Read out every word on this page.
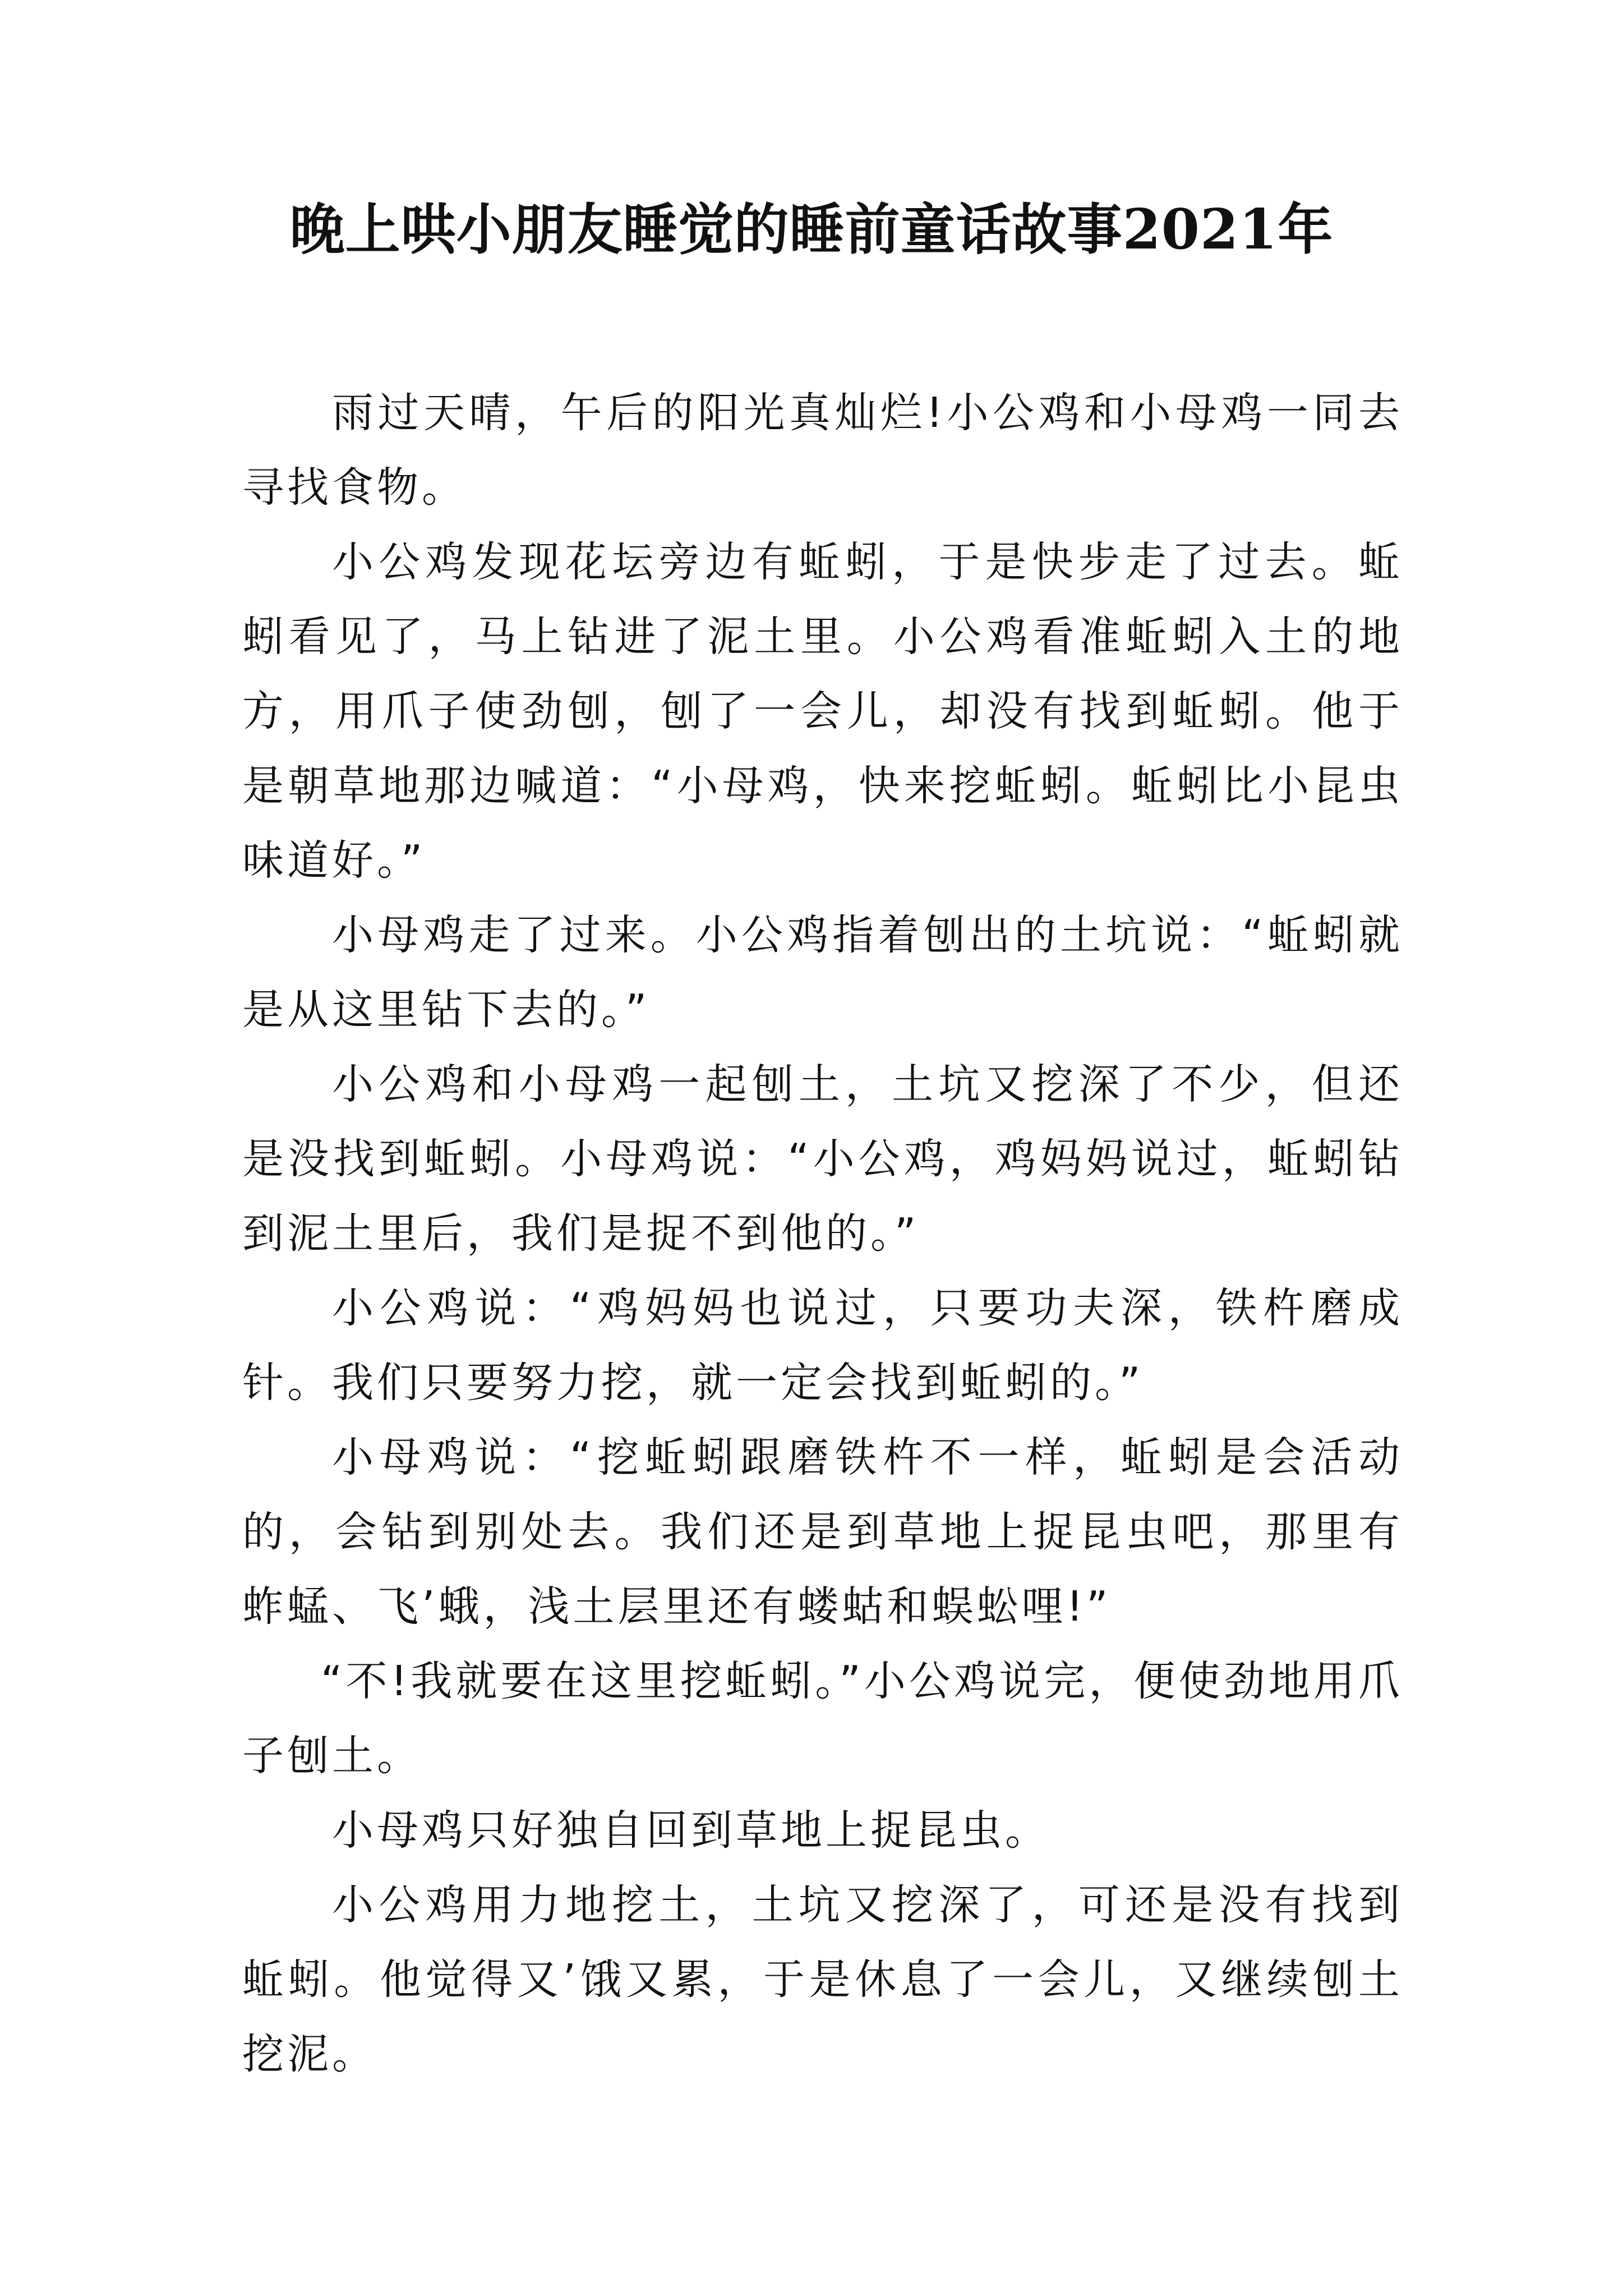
晚上哄小朋友睡觉的睡前童话故事2021年

雨过天晴，午后的阳光真灿烂!小公鸡和小母鸡一同去寻找食物。

小公鸡发现花坛旁边有蚯蚓，于是快步走了过去。蚯蚓看见了，马上钻进了泥土里。小公鸡看准蚯蚓入土的地方，用爪子使劲刨，刨了一会儿，却没有找到蚯蚓。他于是朝草地那边喊道：“小母鸡，快来挖蚯蚓。蚯蚓比小昆虫味道好。”

小母鸡走了过来。小公鸡指着刨出的土坑说：“蚯蚓就是从这里钻下去的。”

小公鸡和小母鸡一起刨土，土坑又挖深了不少，但还是没找到蚯蚓。小母鸡说：“小公鸡，鸡妈妈说过，蚯蚓钻到泥土里后，我们是捉不到他的。”

小公鸡说：“鸡妈妈也说过，只要功夫深，铁杵磨成针。我们只要努力挖，就一定会找到蚯蚓的。”

小母鸡说：“挖蚯蚓跟磨铁杵不一样，蚯蚓是会活动的，会钻到别处去。我们还是到草地上捉昆虫吧，那里有蚱蜢、飞’蛾，浅土层里还有蝼蛄和蜈蚣哩!”

“不!我就要在这里挖蚯蚓。”小公鸡说完，便使劲地用爪子刨土。

小母鸡只好独自回到草地上捉昆虫。

小公鸡用力地挖土，土坑又挖深了，可还是没有找到蚯蚓。他觉得又’饿又累，于是休息了一会儿，又继续刨土挖泥。
